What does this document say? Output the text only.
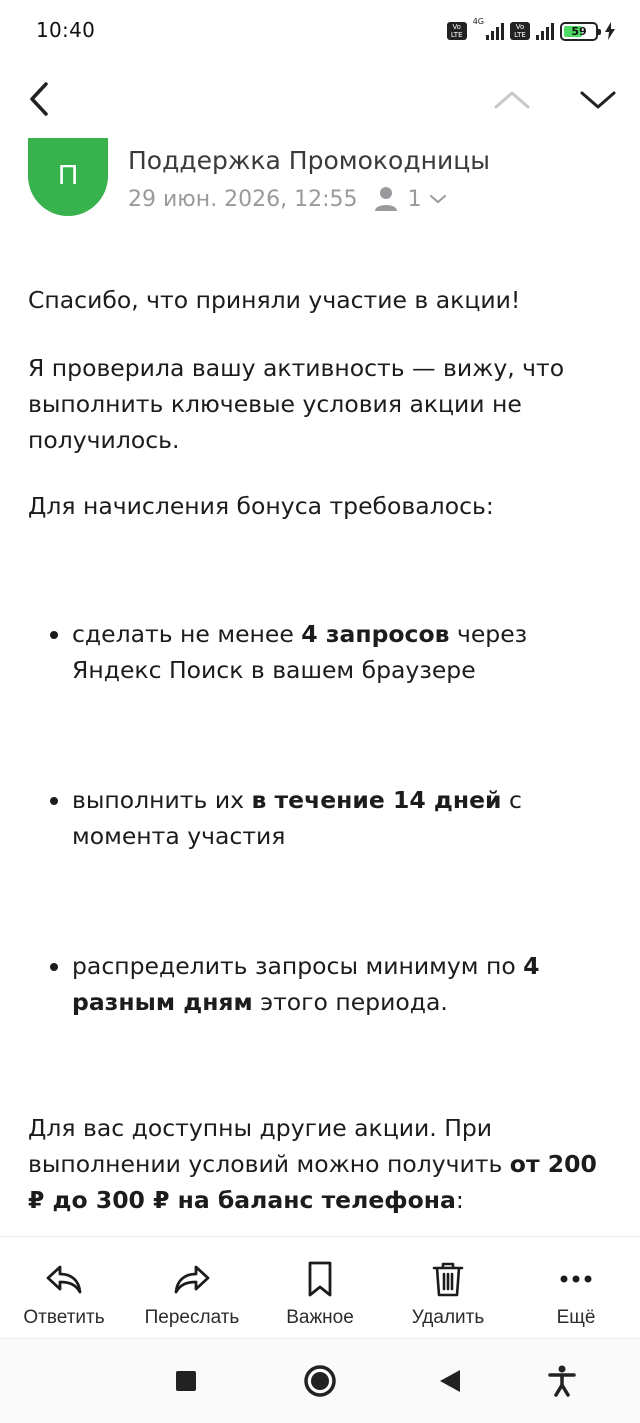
10:40	Vo LTE
4G
Vo LTE	59
П	Поддержка Промокодницы
29 июн. 2026, 12:55 1

Спасибо, что приняли участие в акции!

Я проверила вашу активность — вижу, что выполнить ключевые условия акции не получилось.

Для начисления бонуса требовалось:

сделать не менее 4 запросов через Яндекс Поиск в вашем браузере

выполнить их в течение 14 дней с момента участия

распределить запросы минимум по 4 разным дням этого периода.

Для вас доступны другие акции. При выполнении условий можно получить от 200 ₽ до 300 ₽ на баланс телефона:

Ответить	Переслать	Важное	Удалить	Ещё
